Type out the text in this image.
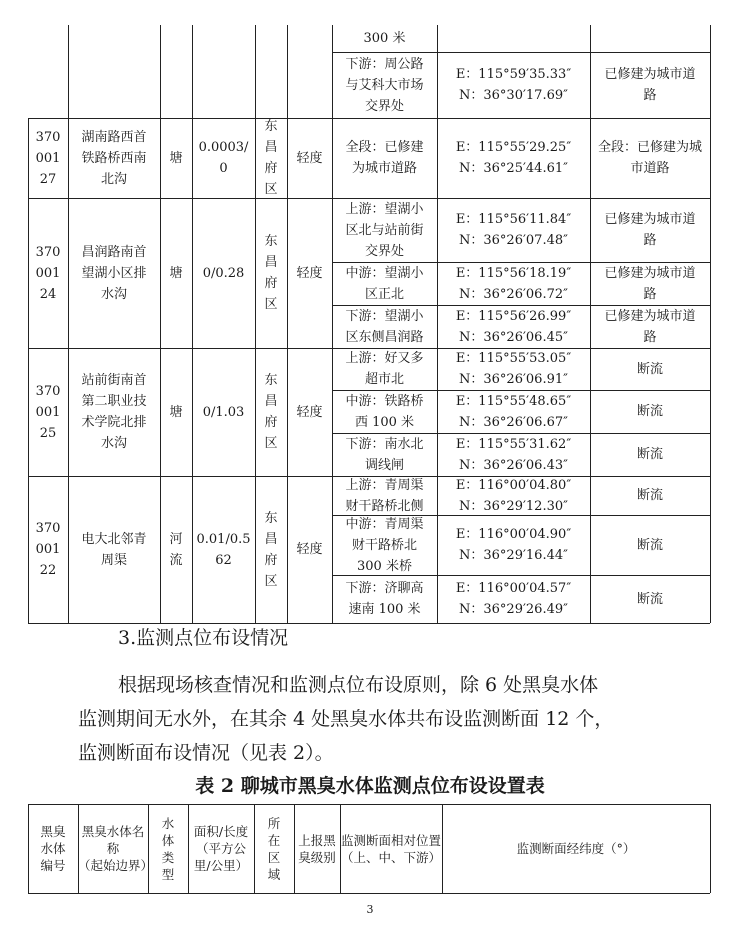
300 米
下游：周公路
与艾科大市场
交界处
E：115°59′35.33″
N：36°30′17.69″
已修建为城市道
路
370
001
27
湖南路西首
铁路桥西南
北沟
塘
0.0003/
0
东
昌
府
区
轻度
全段：已修建
为城市道路
E：115°55′29.25″
N：36°25′44.61″
全段：已修建为城
市道路
370
001
24
昌润路南首
望湖小区排
水沟
塘 0/0.28
东
昌
府
区
轻度
上游：望湖小
区北与站前街
交界处
E：115°56′11.84″
N：36°26′07.48″
已修建为城市道
路
中游：望湖小
区正北
E：115°56′18.19″
N：36°26′06.72″
已修建为城市道
路
下游：望湖小
区东侧昌润路
E：115°56′26.99″
N：36°26′06.45″
已修建为城市道
路
370
001
25
站前街南首
第二职业技
术学院北排
水沟
塘 0/1.03
东
昌
府
区
轻度
上游：好又多
超市北
E：115°55′53.05″
N：36°26′06.91″
断流
中游：铁路桥
西 100 米
E：115°55′48.65″
N：36°26′06.67″
断流
下游：南水北
调线闸
E：115°55′31.62″
N：36°26′06.43″
断流
370
001
22
电大北邻青
周渠
河
流
0.01/0.5
62
东
昌
府
区
轻度
上游：青周渠
财干路桥北侧
E：116°00′04.80″
N：36°29′12.30″
断流
中游：青周渠
财干路桥北
300 米桥
E：116°00′04.90″
N：36°29′16.44″
断流
下游：济聊高
速南 100 米
E：116°00′04.57″
N：36°29′26.49″
断流
3.监测点位布设情况
根据现场核查情况和监测点位布设原则，除 6 处黑臭水体
监测期间无水外，在其余 4 处黑臭水体共布设监测断面 12 个，
监测断面布设情况（见表 2）。
表 2 聊城市黑臭水体监测点位布设设置表
黑臭
水体
编号
黑臭水体名称
（起始边界）
水
体
类
型
面积/长度
（平方公
里/公里）
所
在
区
域
上报黑
臭级别
监测断面相对位置
（上、中、下游）
监测断面经纬度（°）
3
